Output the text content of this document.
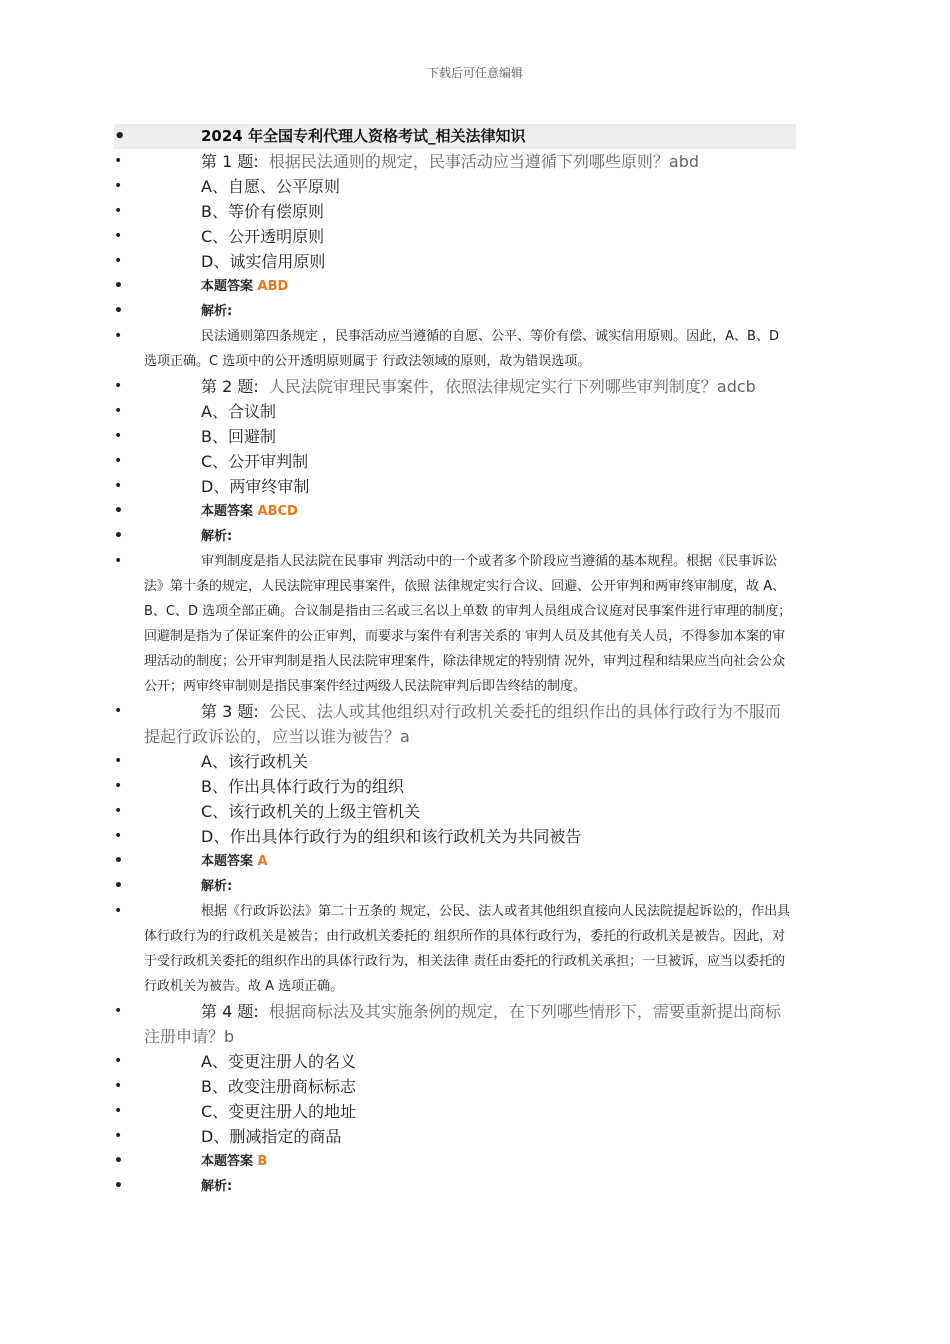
下载后可任意编辑
•	2024 年全国专利代理人资格考试_相关法律知识
•	第 1 题: 根据民法通则的规定，民事活动应当遵循下列哪些原则？abd
•	A、自愿、公平原则
•	B、等价有偿原则
•	C、公开透明原则
•	D、诚实信用原则
•	本题答案 ABD
•	解析:
•	民法通则第四条规定 ，民事活动应当遵循的自愿、公平、等价有偿、诚实信用原则。因此，A、B、D 选项正确。C 选项中的公开透明原则属于 行政法领域的原则，故为错误选项。
•	第 2 题: 人民法院审理民事案件，依照法律规定实行下列哪些审判制度？adcb
•	A、合议制
•	B、回避制
•	C、公开审判制
•	D、两审终审制
•	本题答案 ABCD
•	解析:
•	审判制度是指人民法院在民事审 判活动中的一个或者多个阶段应当遵循的基本规程。根据《民事诉讼法》第十条的规定，人民法院审理民事案件，依照 法律规定实行合议、回避、公开审判和两审终审制度，故 A、B、C、D 选项全部正确。合议制是指由三名或三名以上单数 的审判人员组成合议庭对民事案件进行审理的制度；回避制是指为了保证案件的公正审判，而要求与案件有利害关系的 审判人员及其他有关人员，不得参加本案的审理活动的制度；公开审判制是指人民法院审理案件，除法律规定的特别情 况外，审判过程和结果应当向社会公众公开；两审终审制则是指民事案件经过两级人民法院审判后即告终结的制度。
•	第 3 题: 公民、法人或其他组织对行政机关委托的组织作出的具体行政行为不服而提起行政诉讼的，应当以谁为被告？a
•	A、该行政机关
•	B、作出具体行政行为的组织
•	C、该行政机关的上级主管机关
•	D、作出具体行政行为的组织和该行政机关为共同被告
•	本题答案 A
•	解析:
•	根据《行政诉讼法》第二十五条的 规定，公民、法人或者其他组织直接向人民法院提起诉讼的，作出具体行政行为的行政机关是被告；由行政机关委托的 组织所作的具体行政行为，委托的行政机关是被告。因此，对于受行政机关委托的组织作出的具体行政行为，相关法律 责任由委托的行政机关承担；一旦被诉，应当以委托的行政机关为被告。故 A 选项正确。
•	第 4 题: 根据商标法及其实施条例的规定，在下列哪些情形下，需要重新提出商标注册申请？b
•	A、变更注册人的名义
•	B、改变注册商标标志
•	C、变更注册人的地址
•	D、删减指定的商品
•	本题答案 B
•	解析:
